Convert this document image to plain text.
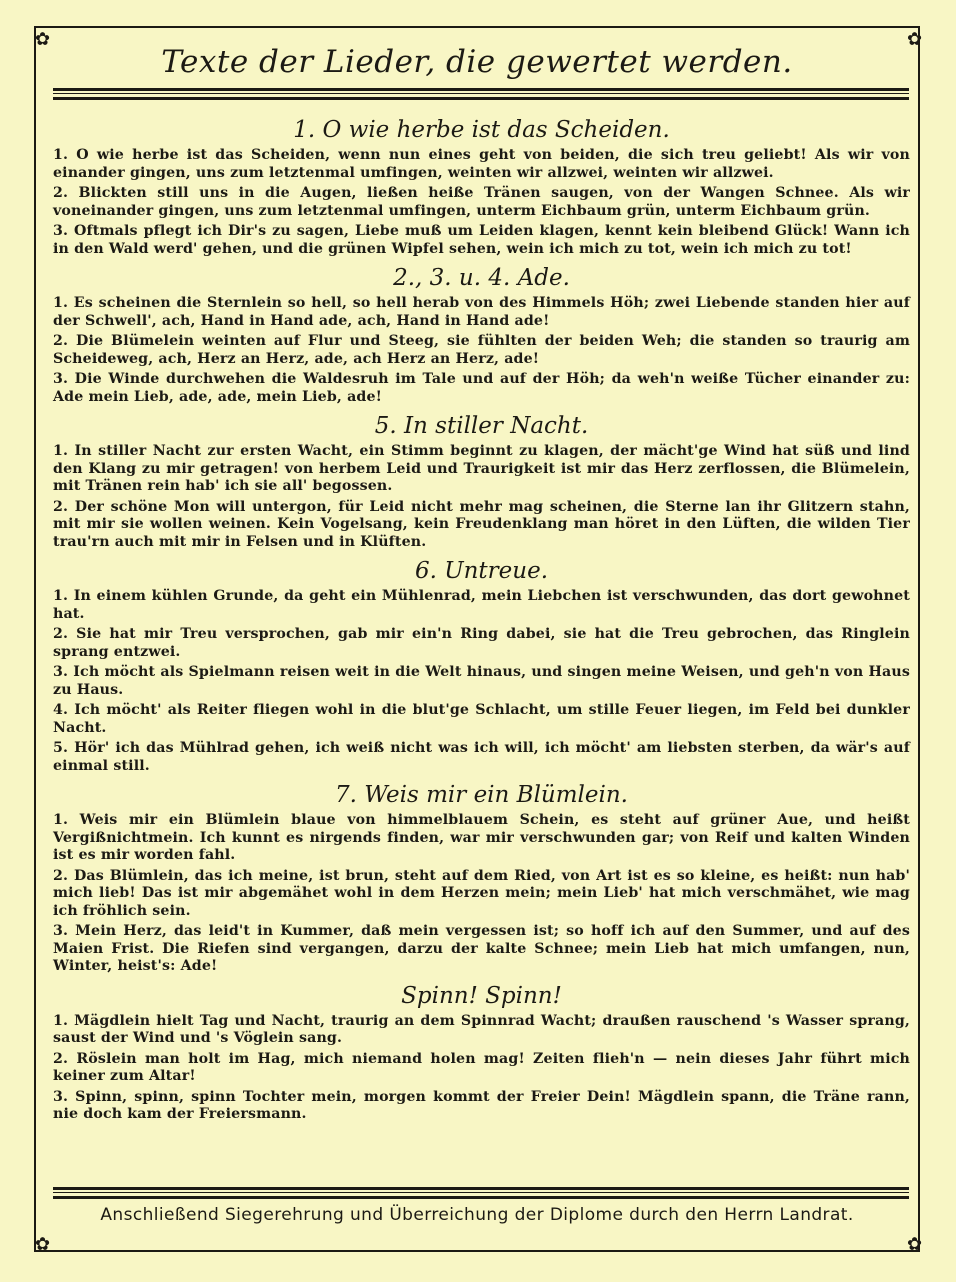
✿	✿
✿	✿
Texte der Lieder, die gewertet werden.
1. O wie herbe ist das Scheiden.

1. O wie herbe ist das Scheiden, wenn nun eines geht von beiden, die sich treu geliebt! Als wir von einander gingen, uns zum letztenmal umfingen, weinten wir allzwei, weinten wir allzwei.

2. Blickten still uns in die Augen, ließen heiße Tränen saugen, von der Wangen Schnee. Als wir voneinander gingen, uns zum letztenmal umfingen, unterm Eichbaum grün, unterm Eichbaum grün.

3. Oftmals pflegt ich Dir's zu sagen, Liebe muß um Leiden klagen, kennt kein bleibend Glück! Wann ich in den Wald werd' gehen, und die grünen Wipfel sehen, wein ich mich zu tot, wein ich mich zu tot!

2., 3. u. 4. Ade.

1. Es scheinen die Sternlein so hell, so hell herab von des Himmels Höh; zwei Liebende standen hier auf der Schwell', ach, Hand in Hand ade, ach, Hand in Hand ade!

2. Die Blümelein weinten auf Flur und Steeg, sie fühlten der beiden Weh; die standen so traurig am Scheideweg, ach, Herz an Herz, ade, ach Herz an Herz, ade!

3. Die Winde durchwehen die Waldesruh im Tale und auf der Höh; da weh'n weiße Tücher einander zu: Ade mein Lieb, ade, ade, mein Lieb, ade!

5. In stiller Nacht.

1. In stiller Nacht zur ersten Wacht, ein Stimm beginnt zu klagen, der mächt'ge Wind hat süß und lind den Klang zu mir getragen! von herbem Leid und Traurigkeit ist mir das Herz zerflossen, die Blümelein, mit Tränen rein hab' ich sie all' begossen.

2. Der schöne Mon will untergon, für Leid nicht mehr mag scheinen, die Sterne lan ihr Glitzern stahn, mit mir sie wollen weinen. Kein Vogelsang, kein Freudenklang man höret in den Lüften, die wilden Tier trau'rn auch mit mir in Felsen und in Klüften.

6. Untreue.

1. In einem kühlen Grunde, da geht ein Mühlenrad, mein Liebchen ist verschwunden, das dort gewohnet hat.

2. Sie hat mir Treu versprochen, gab mir ein'n Ring dabei, sie hat die Treu gebrochen, das Ringlein sprang entzwei.

3. Ich möcht als Spielmann reisen weit in die Welt hinaus, und singen meine Weisen, und geh'n von Haus zu Haus.

4. Ich möcht' als Reiter fliegen wohl in die blut'ge Schlacht, um stille Feuer liegen, im Feld bei dunkler Nacht.

5. Hör' ich das Mühlrad gehen, ich weiß nicht was ich will, ich möcht' am liebsten sterben, da wär's auf einmal still.

7. Weis mir ein Blümlein.

1. Weis mir ein Blümlein blaue von himmelblauem Schein, es steht auf grüner Aue, und heißt Vergißnichtmein. Ich kunnt es nirgends finden, war mir verschwunden gar; von Reif und kalten Winden ist es mir worden fahl.

2. Das Blümlein, das ich meine, ist brun, steht auf dem Ried, von Art ist es so kleine, es heißt: nun hab' mich lieb! Das ist mir abgemähet wohl in dem Herzen mein; mein Lieb' hat mich verschmähet, wie mag ich fröhlich sein.

3. Mein Herz, das leid't in Kummer, daß mein vergessen ist; so hoff ich auf den Summer, und auf des Maien Frist. Die Riefen sind vergangen, darzu der kalte Schnee; mein Lieb hat mich umfangen, nun, Winter, heist's: Ade!

Spinn! Spinn!

1. Mägdlein hielt Tag und Nacht, traurig an dem Spinnrad Wacht; draußen rauschend 's Wasser sprang, saust der Wind und 's Vöglein sang.

2. Röslein man holt im Hag, mich niemand holen mag! Zeiten flieh'n — nein dieses Jahr führt mich keiner zum Altar!

3. Spinn, spinn, spinn Tochter mein, morgen kommt der Freier Dein! Mägdlein spann, die Träne rann, nie doch kam der Freiersmann.

Anschließend Siegerehrung und Überreichung der Diplome durch den Herrn Landrat.
